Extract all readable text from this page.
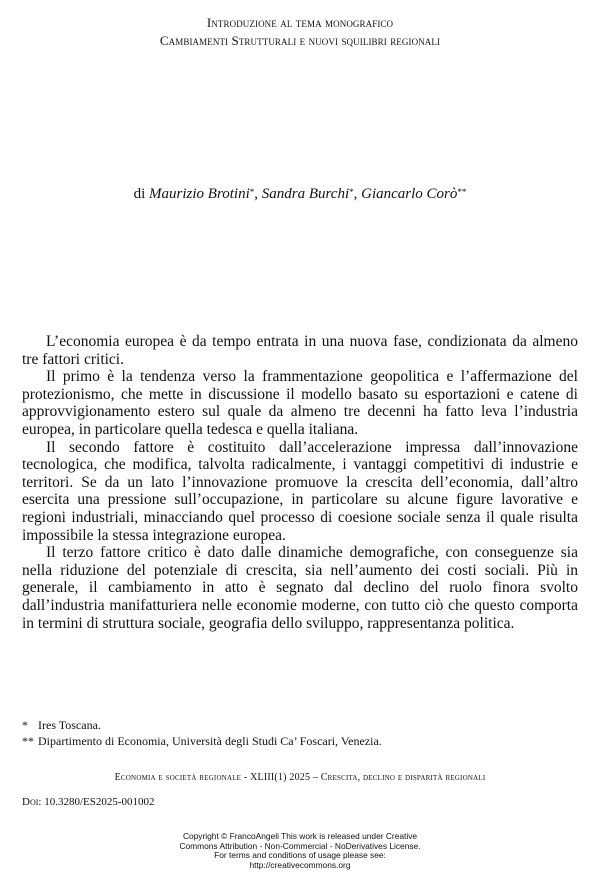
Introduzione al tema monografico
Cambiamenti Strutturali e nuovi squilibri regionali
di Maurizio Brotini*, Sandra Burchi*, Giancarlo Corò**

L’economia europea è da tempo entrata in una nuova fase, condizionata da almeno tre fattori critici.

Il primo è la tendenza verso la frammentazione geopolitica e l’affermazione del protezionismo, che mette in discussione il modello basato su esportazioni e catene di approvvigionamento estero sul quale da almeno tre decenni ha fatto leva l’industria europea, in particolare quella tedesca e quella italiana.

Il secondo fattore è costituito dall’accelerazione impressa dall’innovazione tecnologica, che modifica, talvolta radicalmente, i vantaggi competitivi di industrie e territori. Se da un lato l’innovazione promuove la crescita dell’economia, dall’altro esercita una pressione sull’occupazione, in particolare su alcune figure lavorative e regioni industriali, minacciando quel processo di coesione sociale senza il quale risulta impossibile la stessa integrazione europea.

Il terzo fattore critico è dato dalle dinamiche demografiche, con conseguenze sia nella riduzione del potenziale di crescita, sia nell’aumento dei costi sociali. Più in generale, il cambiamento in atto è segnato dal declino del ruolo finora svolto dall’industria manifatturiera nelle economie moderne, con tutto ciò che questo comporta in termini di struttura sociale, geografia dello sviluppo, rappresentanza politica.

* Ires Toscana.
** Dipartimento di Economia, Università degli Studi Ca’ Foscari, Venezia.
Economia e società regionale - XLIII(1) 2025 – Crescita, declino e disparità regionali
Doi: 10.3280/ES2025-001002
Copyright © FrancoAngeli This work is released under Creative
Commons Attribution - Non-Commercial - NoDerivatives License.
For terms and conditions of usage please see:
http://creativecommons.org
